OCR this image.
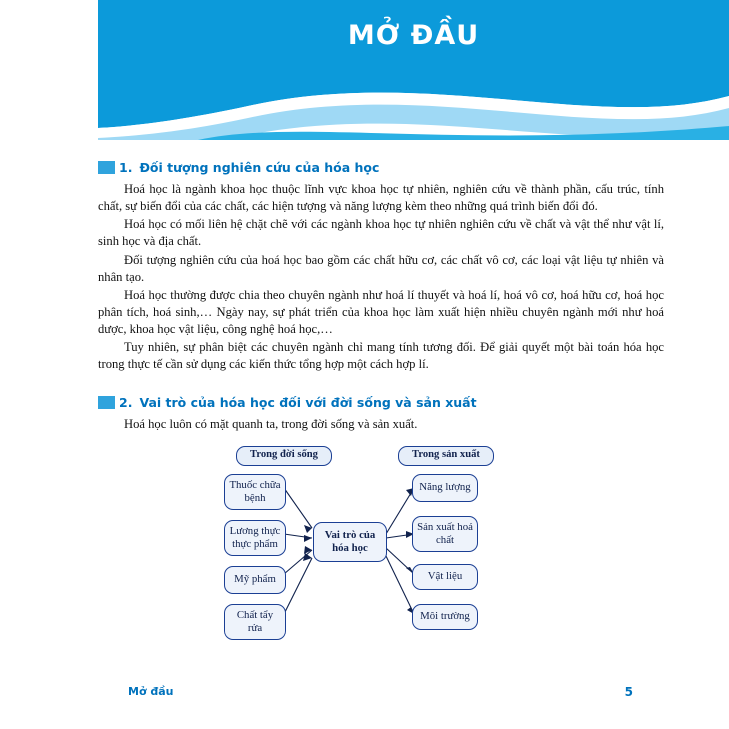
MỞ ĐẦU
1. Đối tượng nghiên cứu của hóa học

Hoá học là ngành khoa học thuộc lĩnh vực khoa học tự nhiên, nghiên cứu về thành phần, cấu trúc, tính chất, sự biến đổi của các chất, các hiện tượng và năng lượng kèm theo những quá trình biến đổi đó.

Hoá học có mối liên hệ chặt chẽ với các ngành khoa học tự nhiên nghiên cứu về chất và vật thể như vật lí, sinh học và địa chất.

Đối tượng nghiên cứu của hoá học bao gồm các chất hữu cơ, các chất vô cơ, các loại vật liệu tự nhiên và nhân tạo.

Hoá học thường được chia theo chuyên ngành như hoá lí thuyết và hoá lí, hoá vô cơ, hoá hữu cơ, hoá học phân tích, hoá sinh,… Ngày nay, sự phát triển của khoa học làm xuất hiện nhiều chuyên ngành mới như hoá dược, khoa học vật liệu, công nghệ hoá học,…

Tuy nhiên, sự phân biệt các chuyên ngành chỉ mang tính tương đối. Để giải quyết một bài toán hóa học trong thực tế cần sử dụng các kiến thức tổng hợp một cách hợp lí.

2. Vai trò của hóa học đối với đời sống và sản xuất

Hoá học luôn có mặt quanh ta, trong đời sống và sản xuất.

Trong đời sống	Trong sản xuất
Vai trò của hóa học
Thuốc chữa bệnh
Lương thực thực phẩm
Mỹ phẩm
Chất tẩy rửa
Năng lượng
Sản xuất hoá chất
Vật liệu
Môi trường
Mở đầu	5
